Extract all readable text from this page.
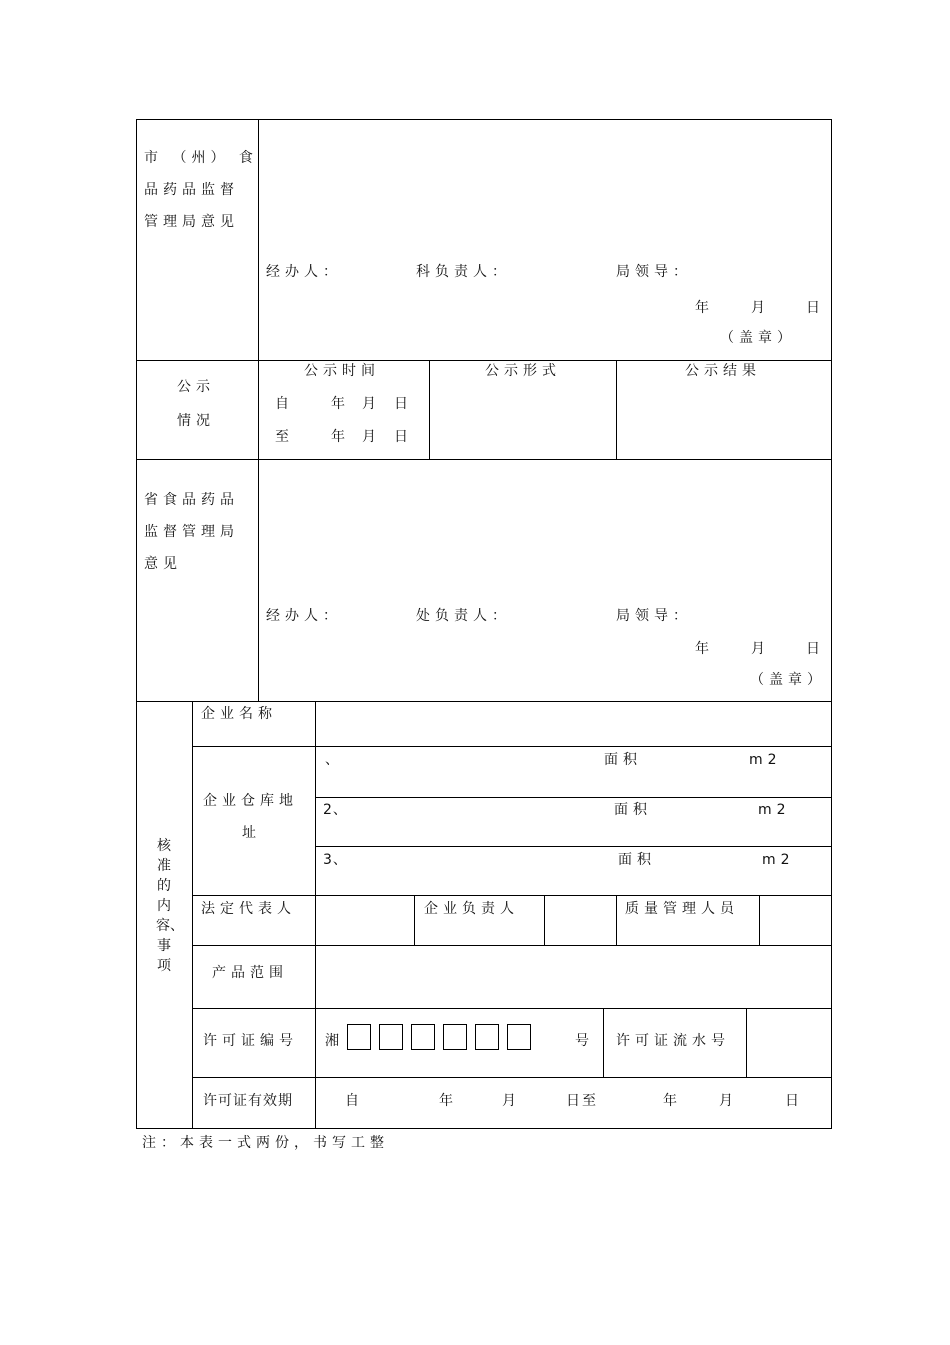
市 （州） 食
品药品监督
管理局意见
经办人：	科负责人：	局领导：
年	月	日
（盖章）
公示
情况
公示时间	公示形式	公示结果
自	年 月 日
至	年 月 日
省食品药品
监督管理局
意见
经办人：	处负责人：	局领导：
年	月	日
（盖章）
核准的内容、事项
企业名称
企业仓库地
址
、	面积	m2
2、	面积	m2
3、	面积	m2
法定代表人	企业负责人	质量管理人员
产品范围
许可证编号 湘	号 许可证流水号
许可证有效期	自	年	月	日至	年	月	日
注：本表一式两份，书写工整
